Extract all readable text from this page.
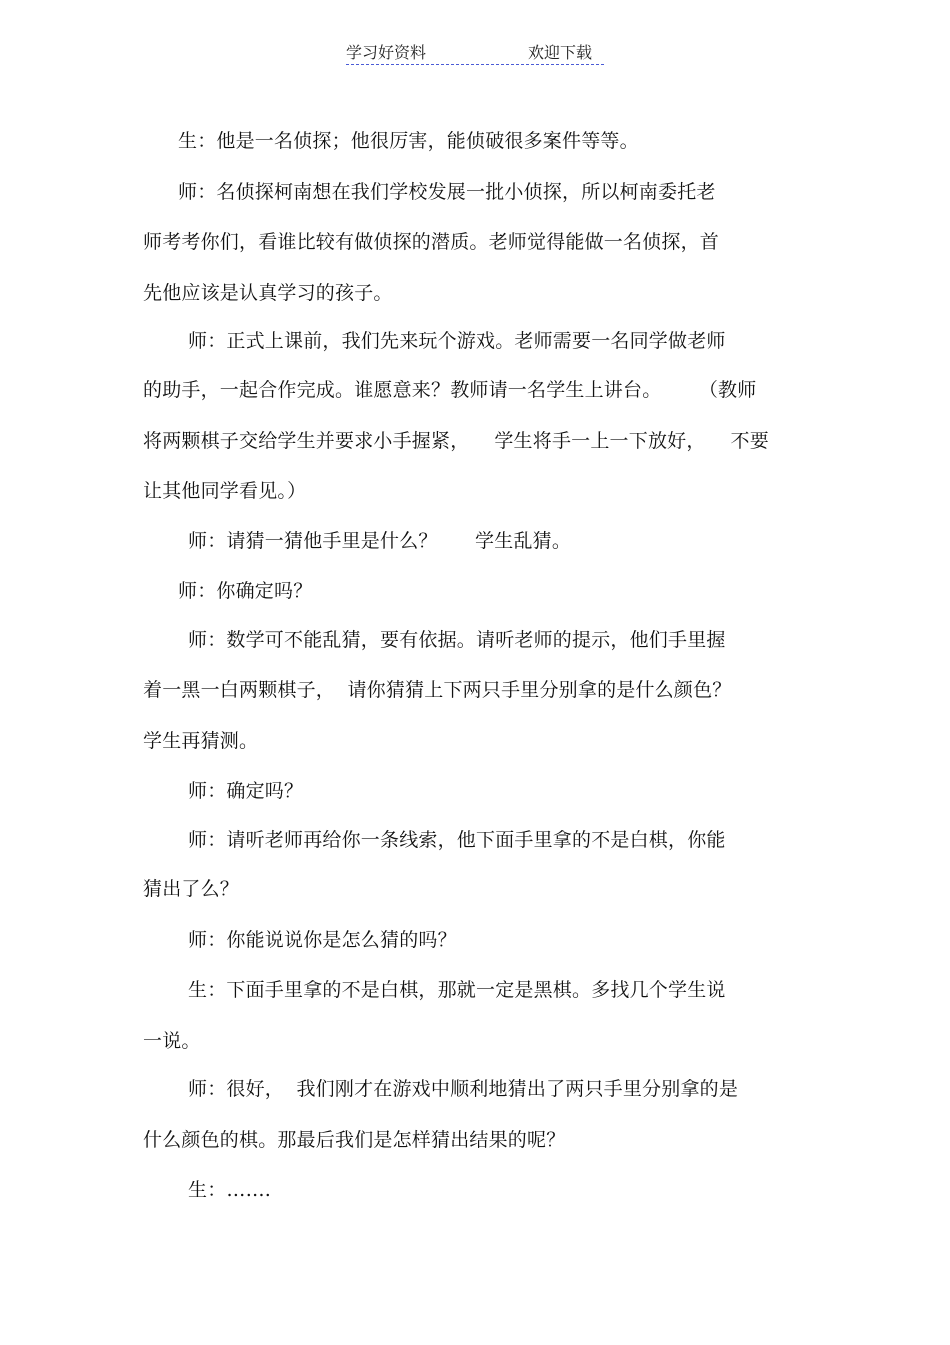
学习好资料	欢迎下载
生：他是一名侦探；他很厉害，能侦破很多案件等等。
师：名侦探柯南想在我们学校发展一批小侦探，所以柯南委托老
师考考你们，看谁比较有做侦探的潜质。老师觉得能做一名侦探，首
先他应该是认真学习的孩子。
师：正式上课前，我们先来玩个游戏。老师需要一名同学做老师
的助手，一起合作完成。谁愿意来？教师请一名学生上讲台。      （教师
将两颗棋子交给学生并要求小手握紧，    学生将手一上一下放好，    不要
让其他同学看见。）
师：请猜一猜他手里是什么？      学生乱猜。
师：你确定吗？
师：数学可不能乱猜，要有依据。请听老师的提示，他们手里握
着一黑一白两颗棋子，  请你猜猜上下两只手里分别拿的是什么颜色？
学生再猜测。
师：确定吗？
师：请听老师再给你一条线索，他下面手里拿的不是白棋，你能
猜出了么？
师：你能说说你是怎么猜的吗？
生：下面手里拿的不是白棋，那就一定是黑棋。多找几个学生说
一说。
师：很好，  我们刚才在游戏中顺利地猜出了两只手里分别拿的是
什么颜色的棋。那最后我们是怎样猜出结果的呢？
生：…….
